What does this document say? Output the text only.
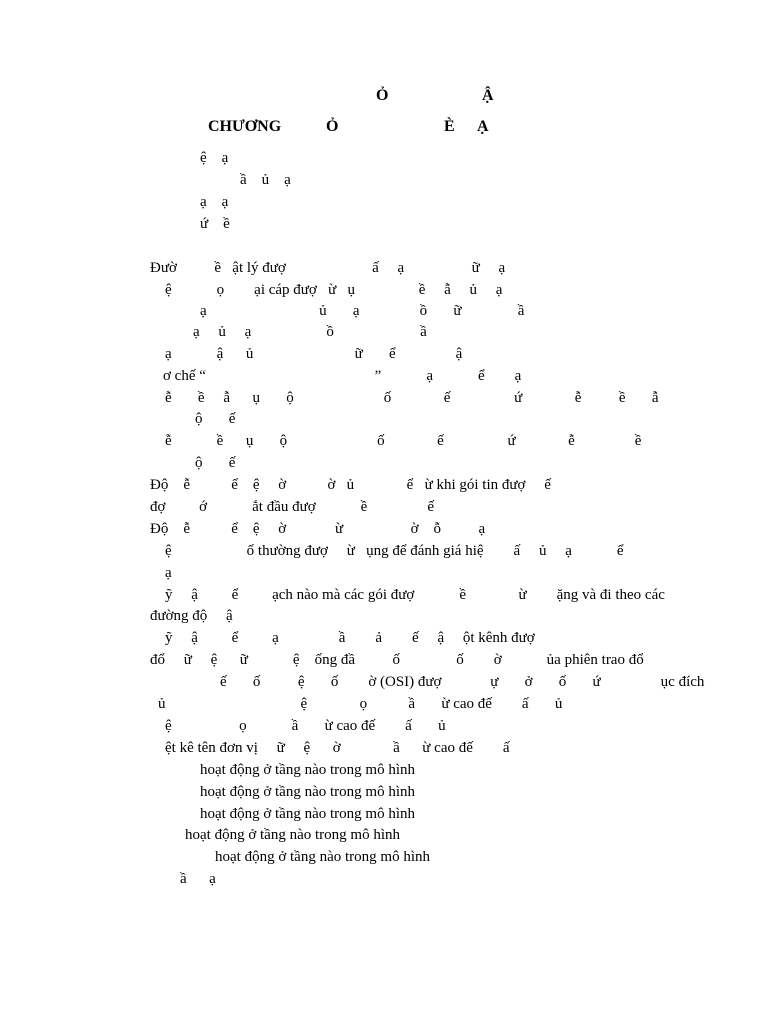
Ỏ	Ậ
CHƯƠNG	Ỏ	È Ạ
ệ    ạ
ầ    ủ    ạ
ạ    ạ
ứ    ề
Đườ          ề   ật lý đượ                       ấ     ạ                  ữ     ạ
ệ            ọ        ại cáp đượ   ừ   ụ                 ề     ẫ     ủ     ạ
ạ                              ủ       ạ                ồ       ữ               ầ
ạ     ủ     ạ                    ồ                       ầ
ạ            ậ      ủ                           ữ       ể                ậ
ơ chế “                                             ”            ạ            ể        ạ
ễ       ề     ẫ      ụ       ộ                        ố              ế                 ứ              ễ          ề       ẫ
ộ       ế
ễ            ề      ụ       ộ                        ố              ế                 ứ              ễ                ề
ộ       ế
Độ    ễ           ể    ệ     ờ           ờ   ủ              ể   ừ khi gói tin đượ     ế
đợ         ớ            ắt đầu đượ            ề                ế
Độ    ễ           ể    ệ     ờ             ừ                  ờ    ỗ          ạ
ệ                    ố thường đượ     ừ   ụng để đánh giá hiệ        ấ     ủ     ạ            ể
ạ
ỹ     ậ         ể         ạch nào mà các gói đượ            ề              ừ        ặng và đi theo các
đường độ     ậ
ỹ     ậ         ể         ạ                ầ        ả        ế     ậ     ột kênh đượ
đổ     ữ     ệ      ữ            ệ    ống đầ          ố               ố        ờ            ủa phiên trao đổ
ế       ố          ệ       ố        ờ (OSI) đượ             ự       ở       ố       ứ                ục đích
ủ                                    ệ              ọ           ầ       ừ cao đế        ấ       ủ
ệ                  ọ            ầ       ừ cao đế        ấ       ủ
ệt kê tên đơn vị     ữ     ệ      ờ              ầ      ừ cao đế        ấ
hoạt động ở tầng nào trong mô hình
hoạt động ở tầng nào trong mô hình
hoạt động ở tầng nào trong mô hình
hoạt động ở tầng nào trong mô hình
hoạt động ở tầng nào trong mô hình
ầ      ạ
